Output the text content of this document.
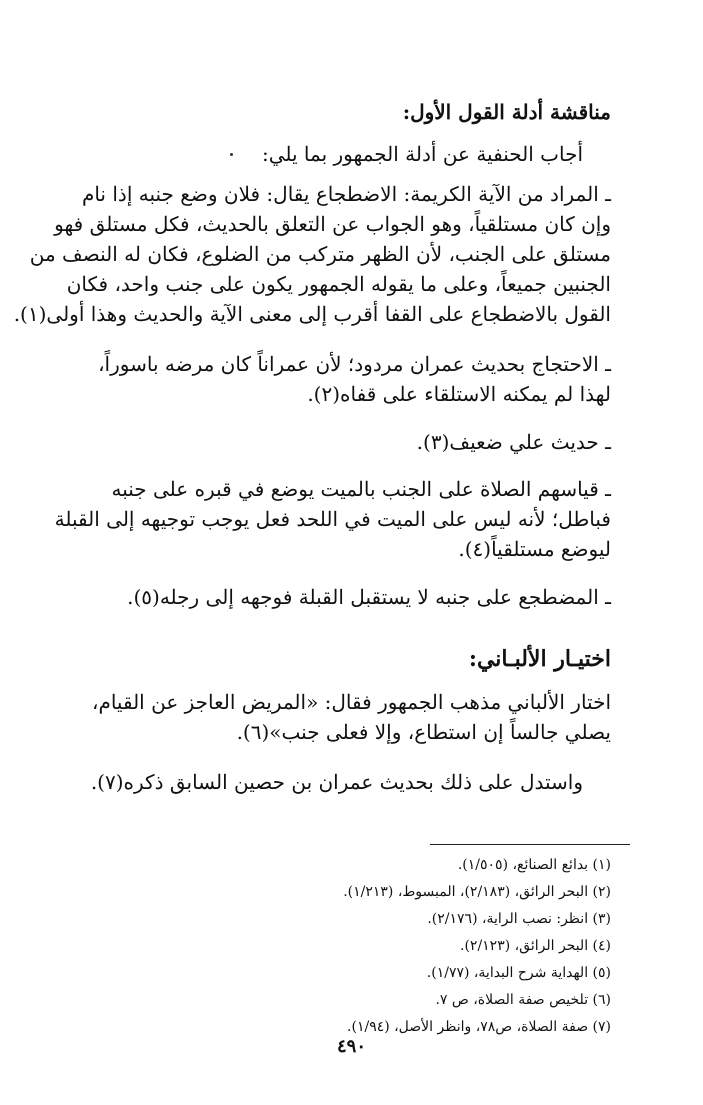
مناقشة أدلة القول الأول:
أجاب الحنفية عن أدلة الجمهور بما يلي:
ـ المراد من الآية الكريمة: الاضطجاع يقال: فلان وضع جنبه إذا نام
وإن كان مستلقياً، وهو الجواب عن التعلق بالحديث، فكل مستلق فهو
مستلق على الجنب، لأن الظهر متركب من الضلوع، فكان له النصف من
الجنبين جميعاً، وعلى ما يقوله الجمهور يكون على جنب واحد، فكان
القول بالاضطجاع على القفا أقرب إلى معنى الآية والحديث وهذا أولى(١).
ـ الاحتجاج بحديث عمران مردود؛ لأن عمراناً كان مرضه باسوراً،
لهذا لم يمكنه الاستلقاء على قفاه(٢).
ـ حديث علي ضعيف(٣).
ـ قياسهم الصلاة على الجنب بالميت يوضع في قبره على جنبه
فباطل؛ لأنه ليس على الميت في اللحد فعل يوجب توجيهه إلى القبلة
ليوضع مستلقياً(٤).
ـ المضطجع على جنبه لا يستقبل القبلة فوجهه إلى رجله(٥).
اختيـار الألبـاني:
اختار الألباني مذهب الجمهور فقال: «المريض العاجز عن القيام،
يصلي جالساً إن استطاع، وإلا فعلى جنب»(٦).
واستدل على ذلك بحديث عمران بن حصين السابق ذكره(٧).
(١) بدائع الصنائع، (١/٥٠٥).
(٢) البحر الرائق، (٢/١٨٣)، المبسوط، (١/٢١٣).
(٣) انظر: نصب الراية، (٢/١٧٦).
(٤) البحر الرائق، (٢/١٢٣).
(٥) الهداية شرح البداية، (١/٧٧).
(٦) تلخيص صفة الصلاة، ص ٧.
(٧) صفة الصلاة، ص٧٨، وانظر الأصل، (١/٩٤).
٤٩٠
